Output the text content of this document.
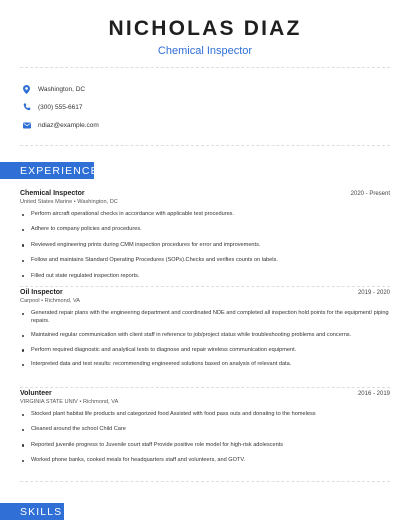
NICHOLAS DIAZ
Chemical Inspector
Washington, DC
(300) 555-6617
ndiaz@example.com
EXPERIENCE
Chemical Inspector	2020 - Present
United States Marine • Washington, DC
Perform aircraft operational checks in accordance with applicable test procedures.
Adhere to company policies and procedures.
Reviewed engineering prints during CMM inspection procedures for error and improvements.
Follow and maintains Standard Operating Procedures (SOPs).Checks and verifies counts on labels.
Filled out state regulated inspection reports.
Oil Inspector	2019 - 2020
Carpool • Richmond, VA
Generated repair plans with the engineering department and coordinated NDE and completed all inspection hold points for the equipment/ piping repairs.
Maintained regular communication with client staff in reference to job/project status while troubleshooting problems and concerns.
Perform required diagnostic and analytical tests to diagnose and repair wireless communication equipment.
Interpreted data and test results: recommending engineered solutions based on analysis of relevant data.
Volunteer	2016 - 2019
VIRGINIA STATE UNIV • Richmond, VA
Stocked plant habitat life products and categorized food Assisted with food pass outs and donating to the homeless
Cleaned around the school Child Care
Reported juvenile progress to Juvenile court staff Provide positive role model for high-risk adolescents
Worked phone banks, cooked meals for headquarters staff and volunteers, and GOTV.
SKILLS
